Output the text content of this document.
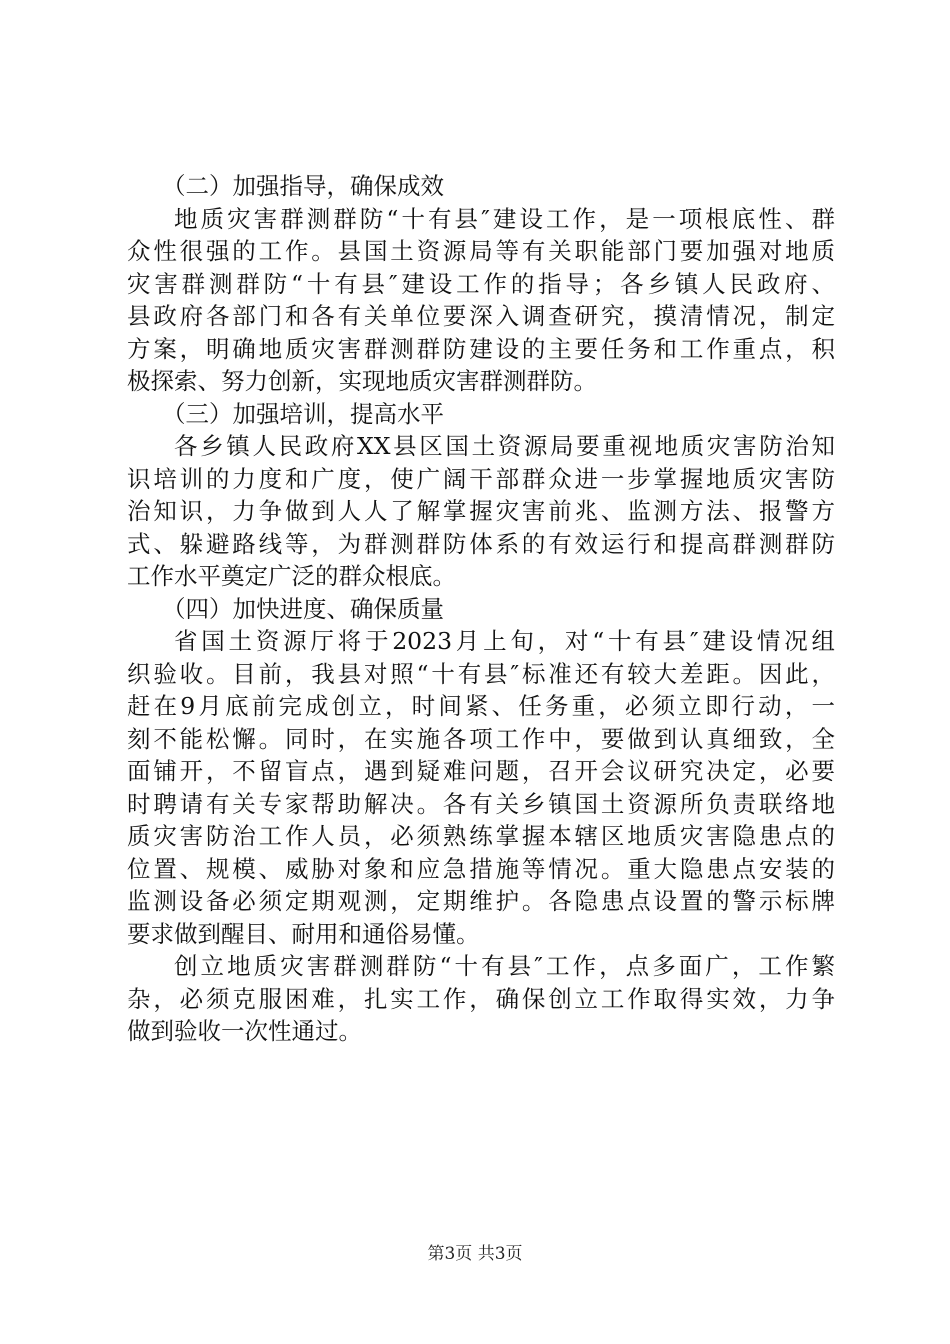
（二）加强指导，确保成效
地质灾害群测群防“十有县″建设工作，是一项根底性、群
众性很强的工作。县国土资源局等有关职能部门要加强对地质
灾害群测群防“十有县″建设工作的指导；各乡镇人民政府、
县政府各部门和各有关单位要深入调查研究，摸清情况，制定
方案，明确地质灾害群测群防建设的主要任务和工作重点，积
极探索、努力创新，实现地质灾害群测群防。
（三）加强培训，提高水平
各乡镇人民政府XX县区国土资源局要重视地质灾害防治知
识培训的力度和广度，使广阔干部群众进一步掌握地质灾害防
治知识，力争做到人人了解掌握灾害前兆、监测方法、报警方
式、躲避路线等，为群测群防体系的有效运行和提高群测群防
工作水平奠定广泛的群众根底。
（四）加快进度、确保质量
省国土资源厅将于2023月上旬，对“十有县″建设情况组
织验收。目前，我县对照“十有县″标准还有较大差距。因此，
赶在9月底前完成创立，时间紧、任务重，必须立即行动，一
刻不能松懈。同时，在实施各项工作中，要做到认真细致，全
面铺开，不留盲点，遇到疑难问题，召开会议研究决定，必要
时聘请有关专家帮助解决。各有关乡镇国土资源所负责联络地
质灾害防治工作人员，必须熟练掌握本辖区地质灾害隐患点的
位置、规模、威胁对象和应急措施等情况。重大隐患点安装的
监测设备必须定期观测，定期维护。各隐患点设置的警示标牌
要求做到醒目、耐用和通俗易懂。
创立地质灾害群测群防“十有县″工作，点多面广，工作繁
杂，必须克服困难，扎实工作，确保创立工作取得实效，力争
做到验收一次性通过。
第3页 共3页
